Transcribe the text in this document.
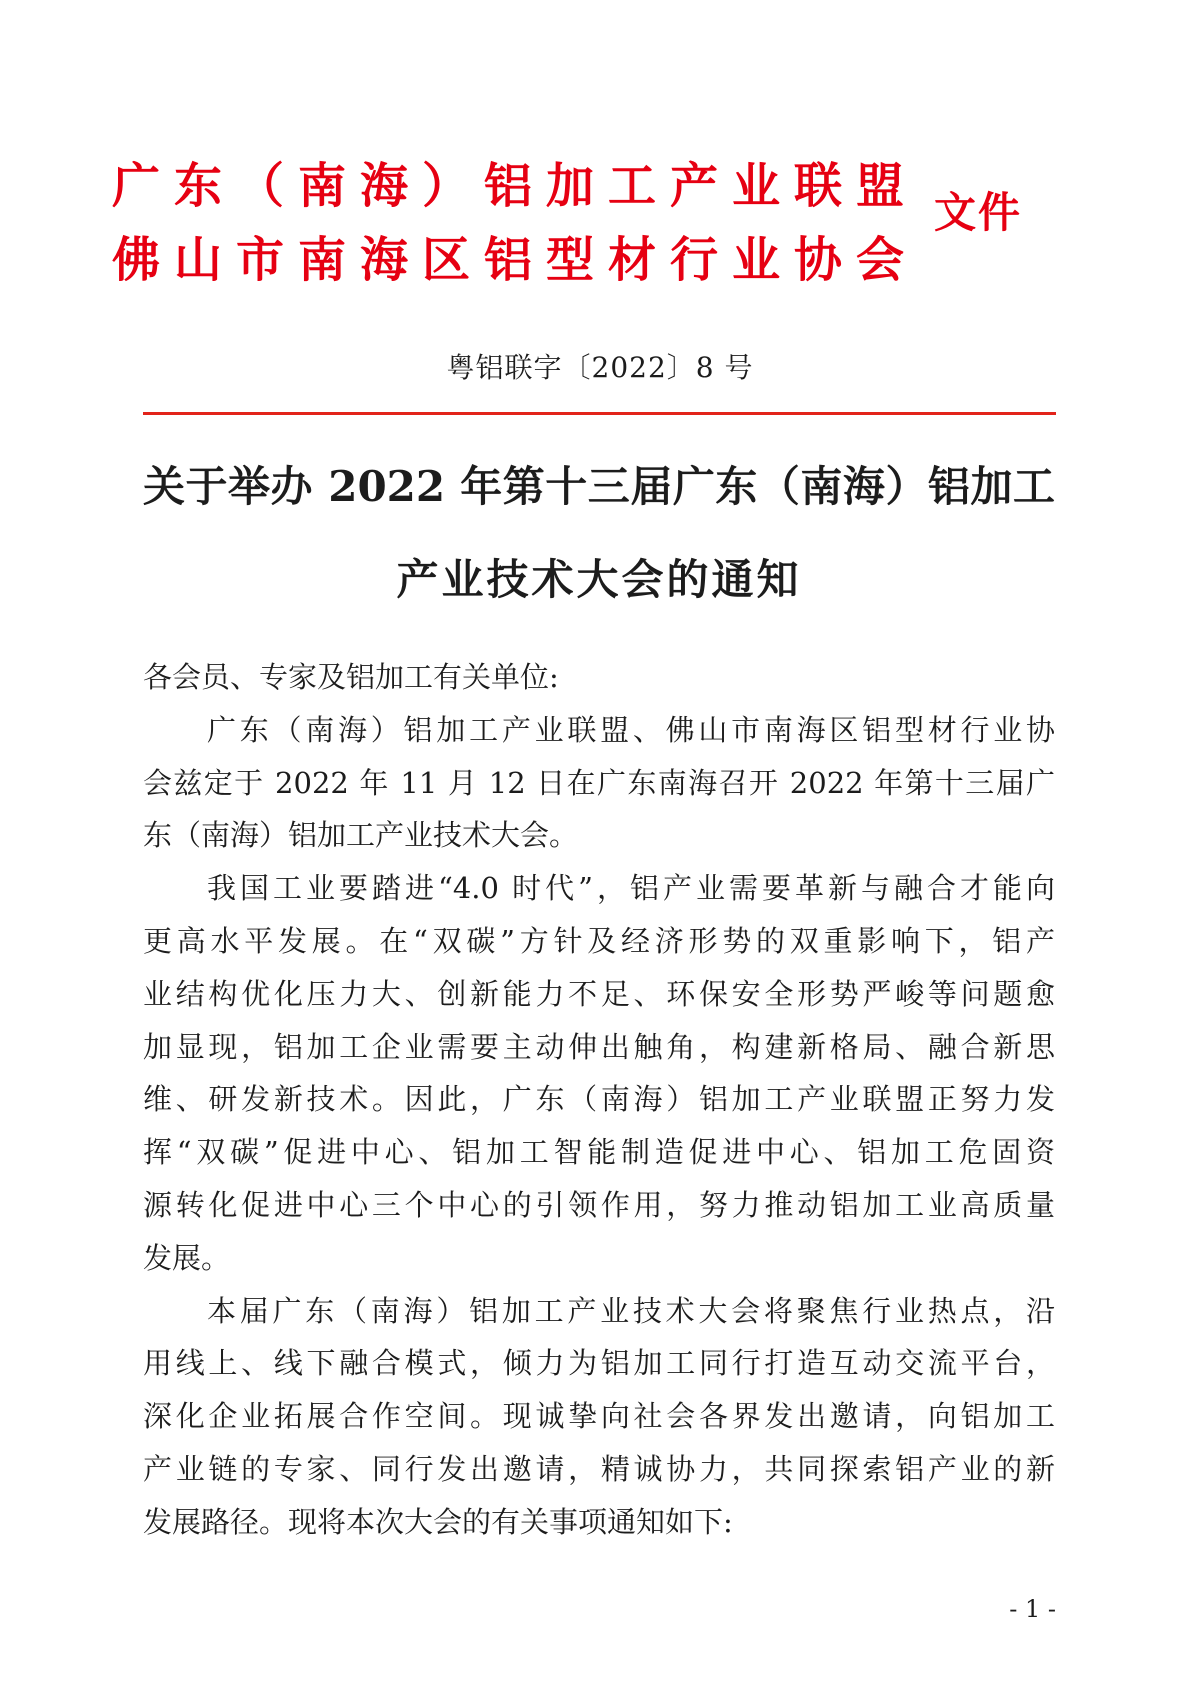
广东（南海）铝加工产业联盟
佛山市南海区铝型材行业协会
文件
粤铝联字〔2022〕8 号
关于举办 2022 年第十三届广东（南海）铝加工
产业技术大会的通知
各会员、专家及铝加工有关单位:
广东（南海）铝加工产业联盟、佛山市南海区铝型材行业协
会兹定于 2022 年 11 月 12 日在广东南海召开 2022 年第十三届广
东（南海）铝加工产业技术大会。
我国工业要踏进“4.0 时代”，铝产业需要革新与融合才能向
更高水平发展。在“双碳”方针及经济形势的双重影响下，铝产
业结构优化压力大、创新能力不足、环保安全形势严峻等问题愈
加显现，铝加工企业需要主动伸出触角，构建新格局、融合新思
维、研发新技术。因此，广东（南海）铝加工产业联盟正努力发
挥“双碳”促进中心、铝加工智能制造促进中心、铝加工危固资
源转化促进中心三个中心的引领作用，努力推动铝加工业高质量
发展。
本届广东（南海）铝加工产业技术大会将聚焦行业热点，沿
用线上、线下融合模式，倾力为铝加工同行打造互动交流平台，
深化企业拓展合作空间。现诚挚向社会各界发出邀请，向铝加工
产业链的专家、同行发出邀请，精诚协力，共同探索铝产业的新
发展路径。现将本次大会的有关事项通知如下:
- 1 -
